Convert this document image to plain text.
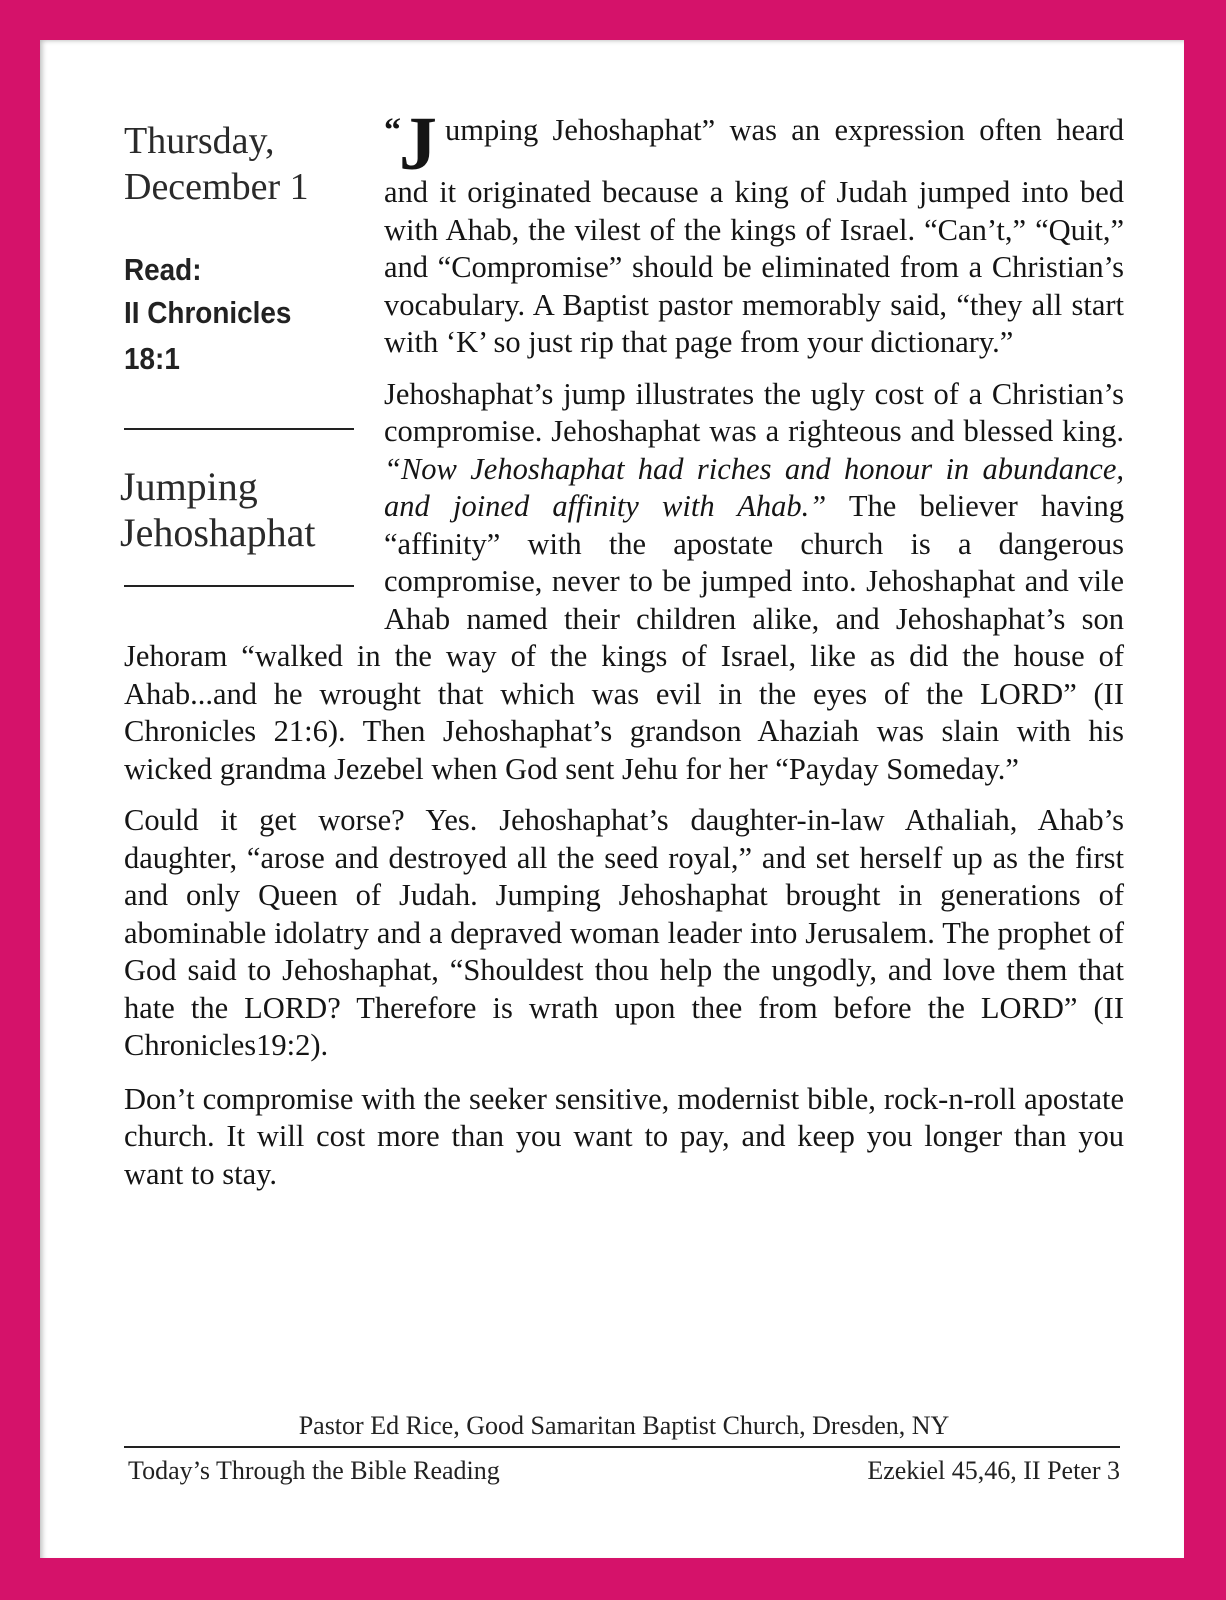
Thursday,
December 1
Read:
II Chronicles
18:1
Jumping
Jehoshaphat

“J umping Jehoshaphat” was an expression often heard and it originated because a king of Judah jumped into bed with Ahab, the vilest of the kings of Israel. “Can’t,” “Quit,” and “Compromise” should be eliminated from a Christian’s vocabulary. A Baptist pastor memorably said, “they all start with ‘K’ so just rip that page from your dictionary.”

Jehoshaphat’s jump illustrates the ugly cost of a Christian’s compromise. Jehoshaphat was a righteous and blessed king. “Now Jehoshaphat had riches and honour in abundance, and joined affinity with Ahab.” The believer having “affinity” with the apostate church is a dangerous compromise, never to be jumped into. Jehoshaphat and vile Ahab named their children alike, and Jehoshaphat’s son Jehoram “walked in the way of the kings of Israel, like as did the house of Ahab...and he wrought that which was evil in the eyes of the LORD” (II Chronicles 21:6). Then Jehoshaphat’s grandson Ahaziah was slain with his wicked grandma Jezebel when God sent Jehu for her “Payday Someday.”

Could it get worse? Yes. Jehoshaphat’s daughter-in-law Athaliah, Ahab’s daughter, “arose and destroyed all the seed royal,” and set herself up as the first and only Queen of Judah. Jumping Jehoshaphat brought in generations of abominable idolatry and a depraved woman leader into Jerusalem. The prophet of God said to Jehoshaphat, “Shouldest thou help the ungodly, and love them that hate the LORD? Therefore is wrath upon thee from before the LORD” (II Chronicles19:2).

Don’t compromise with the seeker sensitive, modernist bible, rock-n-roll apostate church. It will cost more than you want to pay, and keep you longer than you want to stay.

Pastor Ed Rice, Good Samaritan Baptist Church, Dresden, NY
Today’s Through the Bible Reading	Ezekiel 45,46, II Peter 3
